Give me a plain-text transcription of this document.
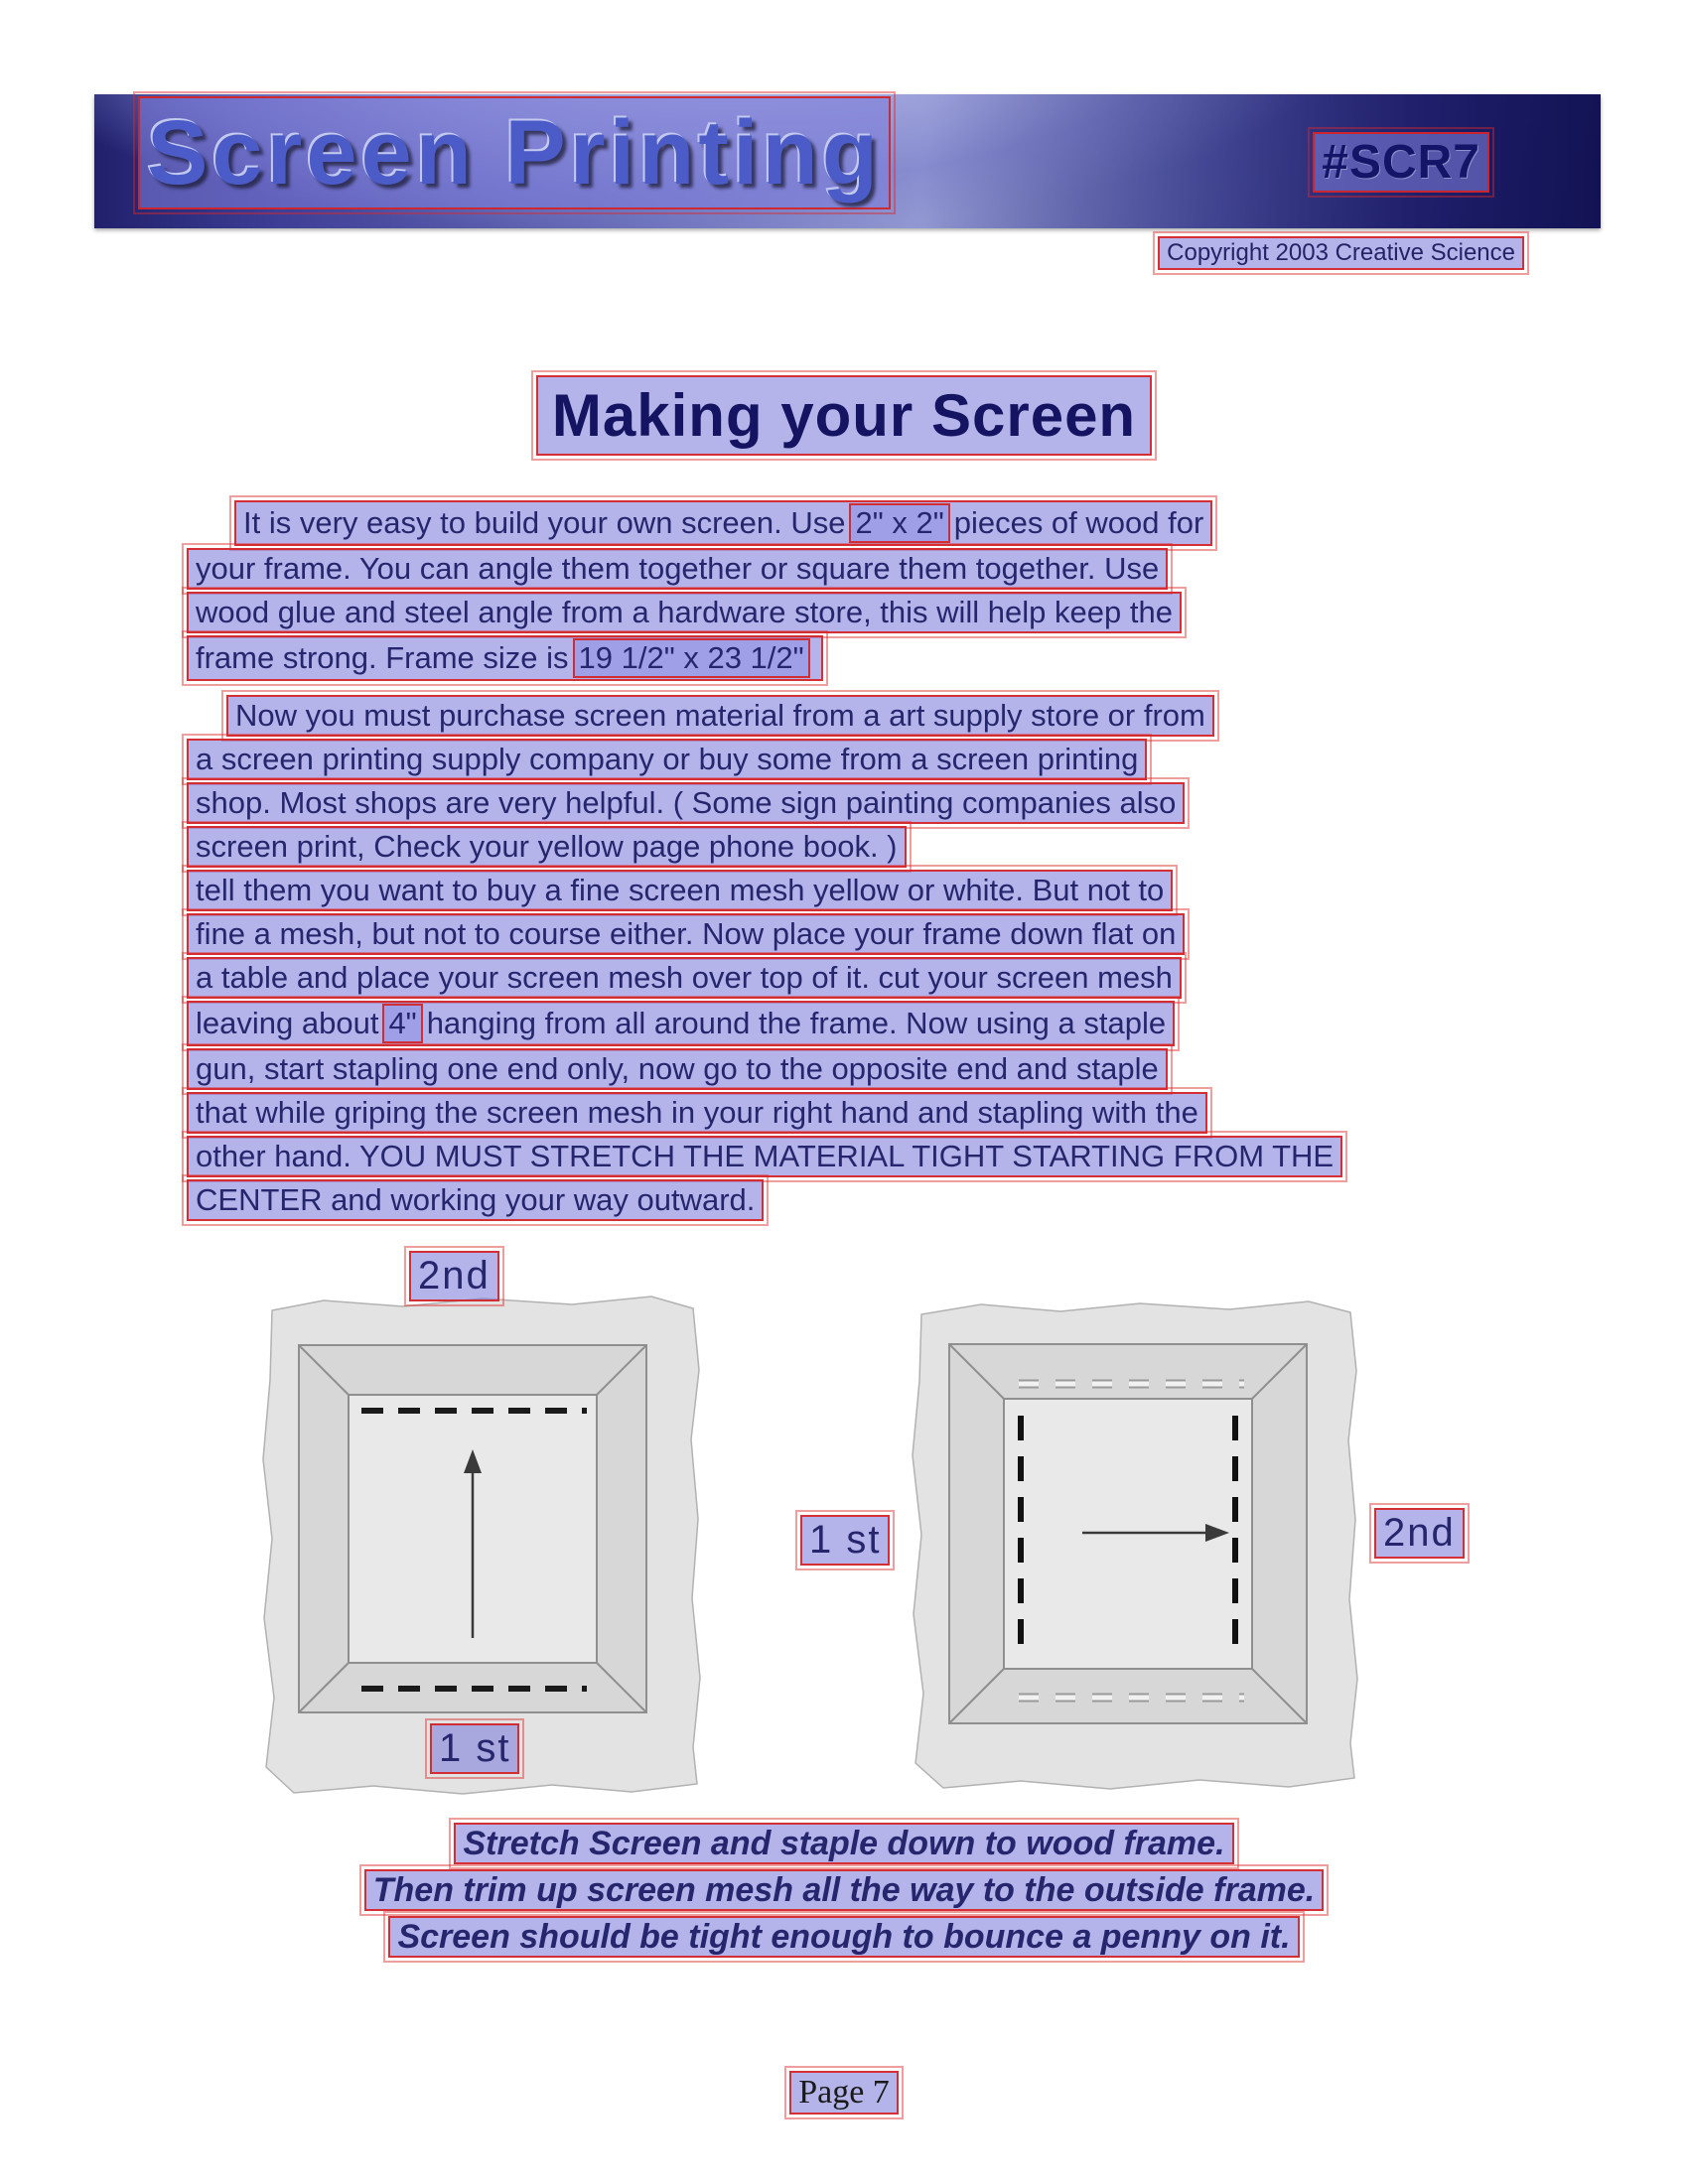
Screen Printing	#SCR7
Copyright 2003 Creative Science
Making your Screen
It is very easy to build your own screen. Use 2" x 2" pieces of wood for
your frame. You can angle them together or square them together. Use
wood glue and steel angle from a hardware store, this will help keep the
frame strong. Frame size is 19 1/2" x 23 1/2"
Now you must purchase screen material from a art supply store or from
a screen printing supply company or buy some from a screen printing
shop. Most shops are very helpful. ( Some sign painting companies also
screen print, Check your yellow page phone book. )
tell them you want to buy a fine screen mesh yellow or white. But not to
fine a mesh, but not to course either. Now place your frame down flat on
a table and place your screen mesh over top of it. cut your screen mesh
leaving about 4" hanging from all around the frame. Now using a staple
gun, start stapling one end only, now go to the opposite end and staple
that while griping the screen mesh in your right hand and stapling with the
other hand. YOU MUST STRETCH THE MATERIAL TIGHT STARTING FROM THE
CENTER and working your way outward.
2nd
1 st
1 st	2nd
Stretch Screen and staple down to wood frame.
Then trim up screen mesh all the way to the outside frame.
Screen should be tight enough to bounce a penny on it.
Page 7
